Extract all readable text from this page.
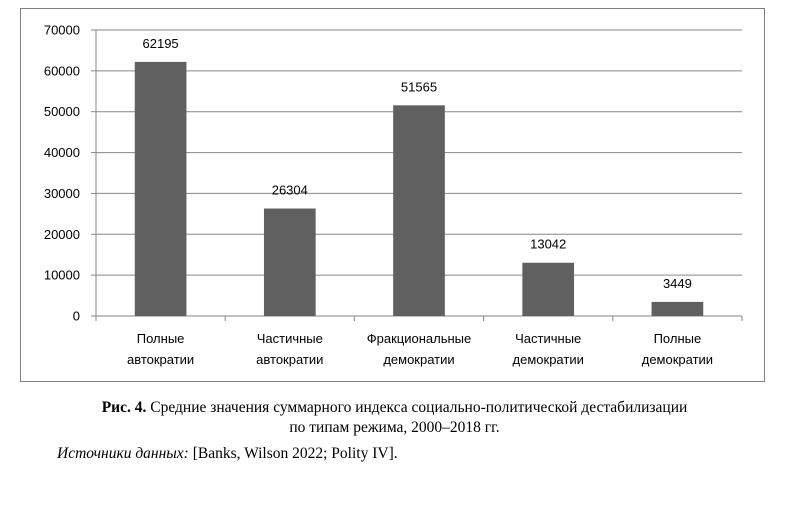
0
10000
20000
30000
40000
50000
60000
70000
62195
Полные
автократии
26304
Частичные
автократии
51565
Фракциональные
демократии
13042
Частичные
демократии
3449
Полные
демократии
Рис. 4. Средние значения суммарного индекса социально-политической дестабилизации
по типам режима, 2000–2018 гг.
Источники данных: [Banks, Wilson 2022; Polity IV].
